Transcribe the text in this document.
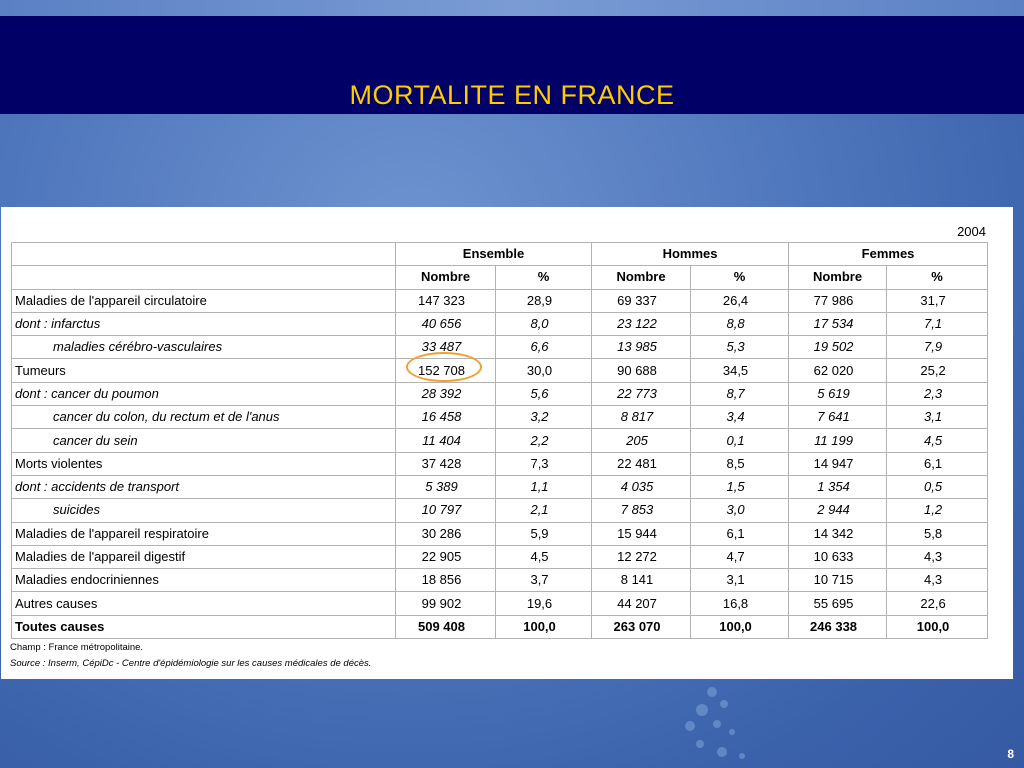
MORTALITE EN FRANCE
2004
	Ensemble		Hommes		Femmes	
	Nombre	%	Nombre	%	Nombre	%
Maladies de l'appareil circulatoire	147 323	28,9	69 337	26,4	77 986	31,7
dont : infarctus	40 656	8,0	23 122	8,8	17 534	7,1
maladies cérébro-vasculaires	33 487	6,6	13 985	5,3	19 502	7,9
Tumeurs	152 708	30,0	90 688	34,5	62 020	25,2
dont : cancer du poumon	28 392	5,6	22 773	8,7	5 619	2,3
cancer du colon, du rectum et de l'anus	16 458	3,2	8 817	3,4	7 641	3,1
cancer du sein	11 404	2,2	205	0,1	11 199	4,5
Morts violentes	37 428	7,3	22 481	8,5	14 947	6,1
dont : accidents de transport	5 389	1,1	4 035	1,5	1 354	0,5
suicides	10 797	2,1	7 853	3,0	2 944	1,2
Maladies de l'appareil respiratoire	30 286	5,9	15 944	6,1	14 342	5,8
Maladies de l'appareil digestif	22 905	4,5	12 272	4,7	10 633	4,3
Maladies endocriniennes	18 856	3,7	8 141	3,1	10 715	4,3
Autres causes	99 902	19,6	44 207	16,8	55 695	22,6
Toutes causes	509 408	100,0	263 070	100,0	246 338	100,0
Champ : France métropolitaine.
Source : Inserm, CépiDc - Centre d'épidémiologie sur les causes médicales de décès.
8
